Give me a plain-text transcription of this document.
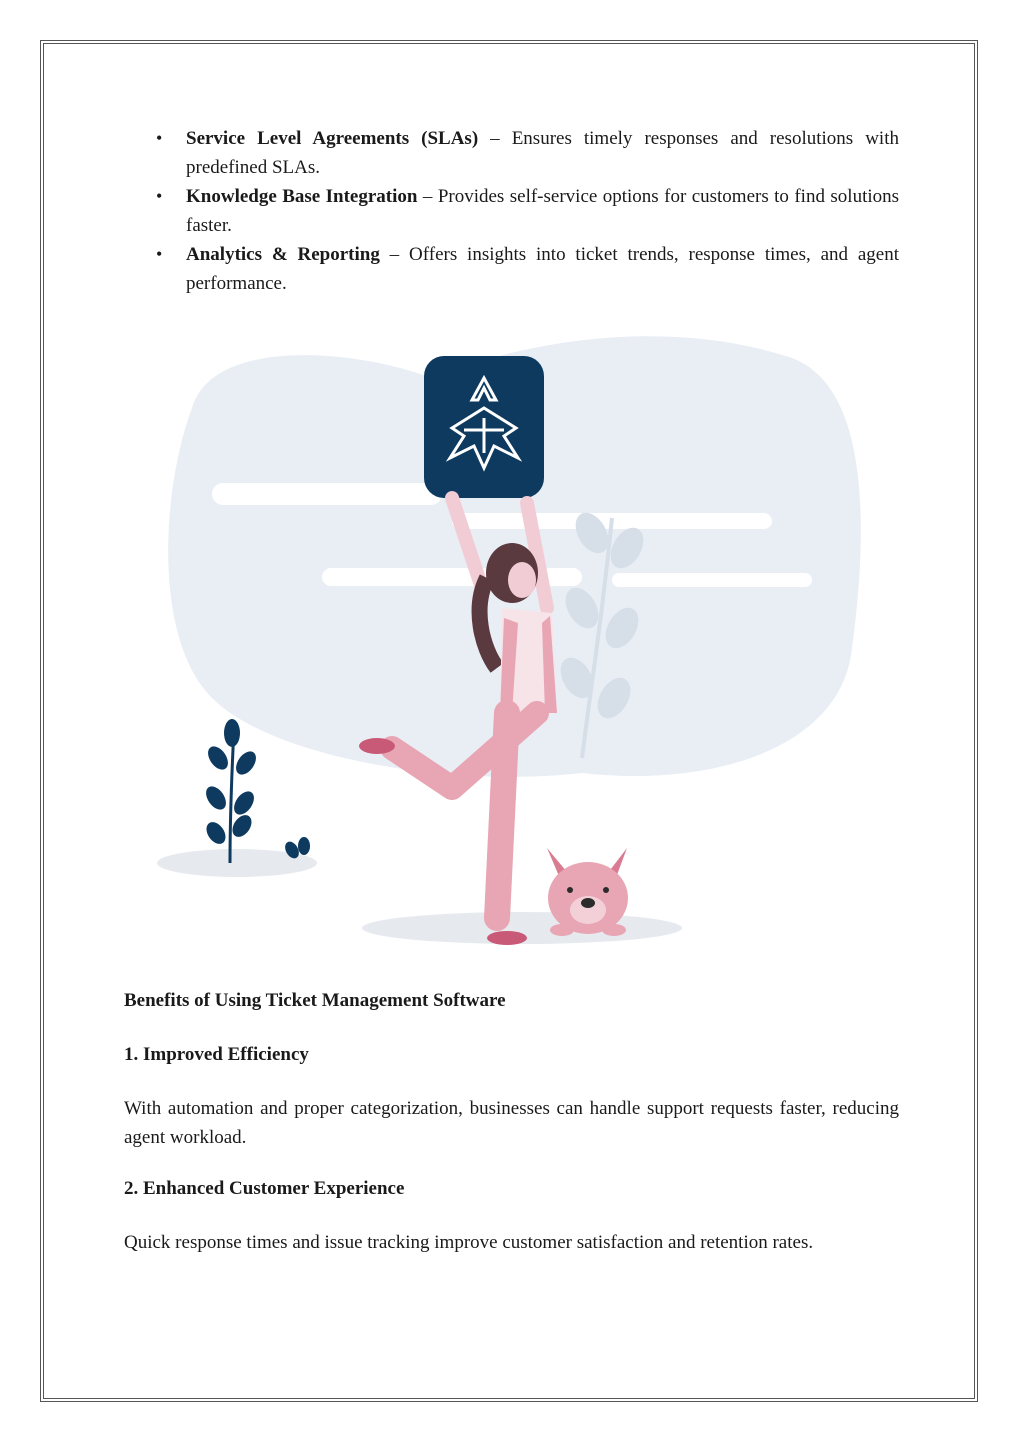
• Service Level Agreements (SLAs) – Ensures timely responses and resolutions with predefined SLAs.
• Knowledge Base Integration – Provides self-service options for customers to find solutions faster.
• Analytics & Reporting – Offers insights into ticket trends, response times, and agent performance.
Benefits of Using Ticket Management Software
1. Improved Efficiency
With automation and proper categorization, businesses can handle support requests faster, reducing agent workload.
2. Enhanced Customer Experience
Quick response times and issue tracking improve customer satisfaction and retention rates.
